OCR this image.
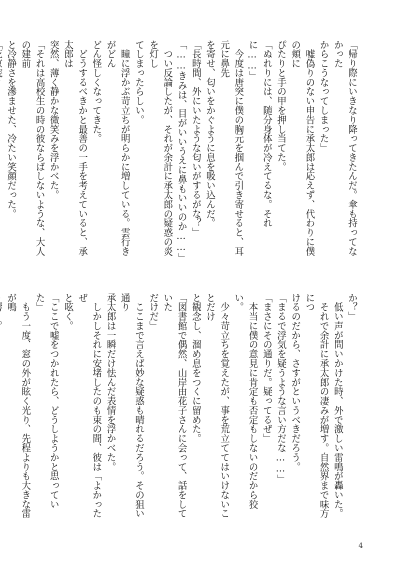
「帰り際にいきなり降ってきたんだ。傘も持ってなかった

からこうなってしまった」

　嘘偽りのない申告に承太郎は応えず、代わりに僕の頬に

ぴたりと手の甲を押し当てた。

「ぬれりには、随分身体が冷えてるな。それに……」

　今度は唐突に僕の胸元を掴んで引き寄せると、耳元に鼻先

を寄せ、匂いをかぐように息を吸い込んだ。

「長時間、外にいたような匂いがするがな？」

「……きみは、目がいいうえに鼻もいいのか……」

　つい反論したが、それが余計に承太郎の疑惑の炎を灯し

てしまったらしい。

　瞳に浮かぶ苛立ちが明らかに増している。雲行きがどん

どん怪しくなってきた。

　どうするべきかと最善の一手を考えていると、承太郎は

突然、薄く静かな微笑みを浮かべた。

「それは高校生の時の彼ならばしないような、大人の建前

と冷静さを滲ませた、冷たい笑顔だった。

か？」

　低い声が問いかけた時、外で激しい雷鳴が轟いた。

　それで余計に承太郎の凄みが増す。自然界まで味方につ

けるのだから、さすがというべきだろう。

「まるで浮気を疑うような言い方だな……」

「まさにその通りだ。疑ってるぜ」

　本当に僕の意見に肯定も否定もしないのだから狡い。

　少々苛立ちを覚えたが、事を荒立ててはいけないことだけ

と観念し、溜め息をつくに留めた。

「図書館で偶然、山岸由花子さんに会って、話をしていた

だけだ」

　ここまで言えば妙な疑惑も晴れるだろう。その狙い通り

承太郎は一瞬だけ怯んだ表情を浮かべた。

　しかしそれに安堵したのも束の間、彼は「よかったぜ

と呟く。

「ここで嘘をつかれたら、どうしようかと思っていた」

　もう一度、窓の外が眩く光り、先程よりも大きな雷が鳴

4
